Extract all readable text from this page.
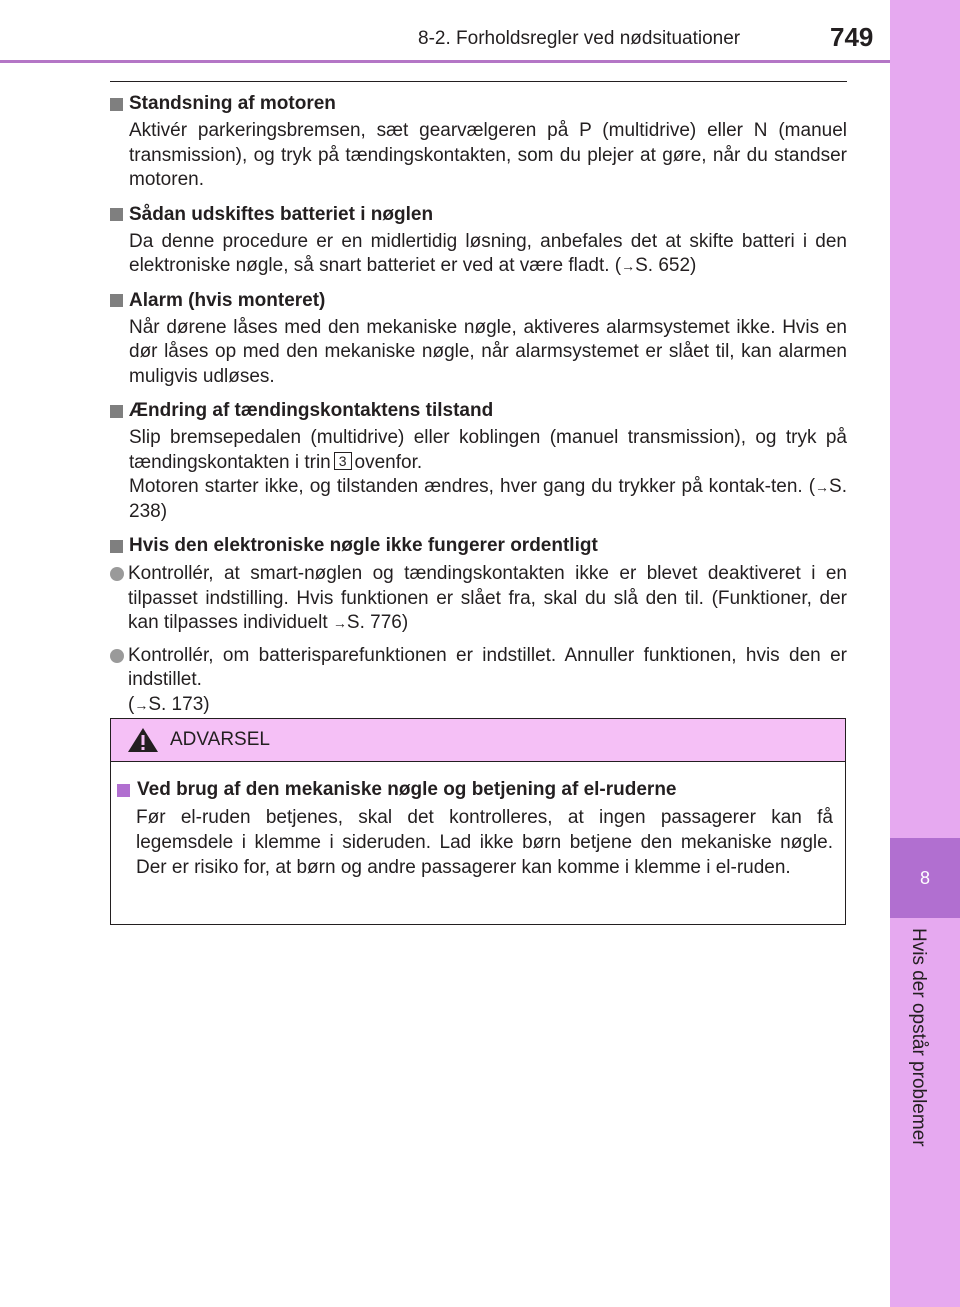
8-2. Forholdsregler ved nødsituationer	749
8
Hvis der opstår problemer
Standsning af motoren
Aktivér parkeringsbremsen, sæt gearvælgeren på P (multidrive) eller N (manuel transmission), og tryk på tændingskontakten, som du plejer at gøre, når du standser motoren.
Sådan udskiftes batteriet i nøglen
Da denne procedure er en midlertidig løsning, anbefales det at skifte batteri i den elektroniske nøgle, så snart batteriet er ved at være fladt. (→S. 652)
Alarm (hvis monteret)
Når dørene låses med den mekaniske nøgle, aktiveres alarmsystemet ikke. Hvis en dør låses op med den mekaniske nøgle, når alarmsystemet er slået til, kan alarmen muligvis udløses.
Ændring af tændingskontaktens tilstand
Slip bremsepedalen (multidrive) eller koblingen (manuel transmission), og tryk på tændingskontakten i trin 3 ovenfor.
Motoren starter ikke, og tilstanden ændres, hver gang du trykker på kontak-ten. (→S. 238)
Hvis den elektroniske nøgle ikke fungerer ordentligt
Kontrollér, at smart-nøglen og tændingskontakten ikke er blevet deaktiveret i en tilpasset indstilling. Hvis funktionen er slået fra, skal du slå den til. (Funktioner, der kan tilpasses individuelt →S. 776)
Kontrollér, om batterisparefunktionen er indstillet. Annuller funktionen, hvis den er indstillet.
(→S. 173)
ADVARSEL
Ved brug af den mekaniske nøgle og betjening af el-ruderne
Før el-ruden betjenes, skal det kontrolleres, at ingen passagerer kan få legemsdele i klemme i sideruden. Lad ikke børn betjene den mekaniske nøgle. Der er risiko for, at børn og andre passagerer kan komme i klemme i el-ruden.
